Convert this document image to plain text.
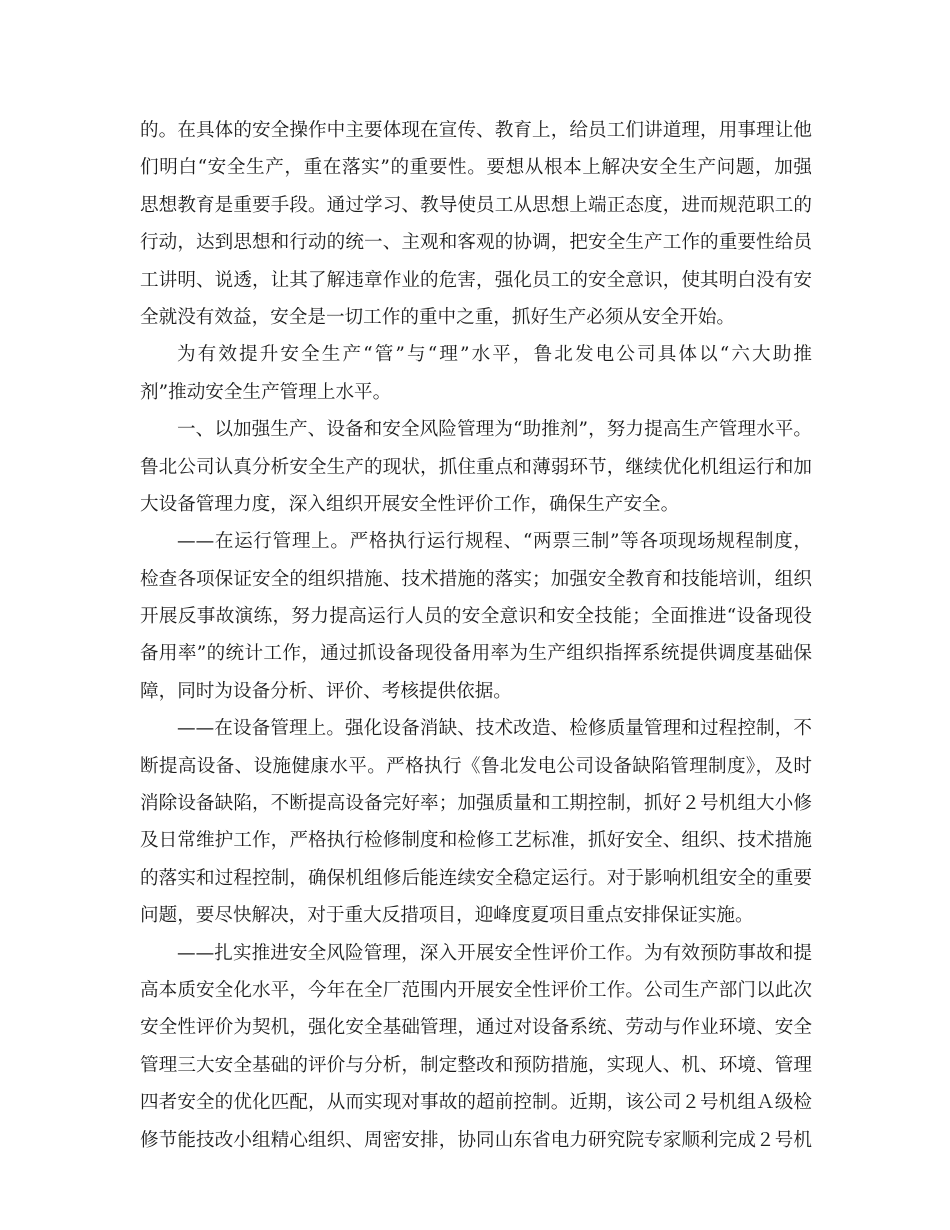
的。在具体的安全操作中主要体现在宣传、教育上，给员工们讲道理，用事理让他
们明白“安全生产，重在落实”的重要性。要想从根本上解决安全生产问题，加强
思想教育是重要手段。通过学习、教导使员工从思想上端正态度，进而规范职工的
行动，达到思想和行动的统一、主观和客观的协调，把安全生产工作的重要性给员
工讲明、说透，让其了解违章作业的危害，强化员工的安全意识，使其明白没有安
全就没有效益，安全是一切工作的重中之重，抓好生产必须从安全开始。
为有效提升安全生产“管”与“理”水平，鲁北发电公司具体以“六大助推
剂”推动安全生产管理上水平。
一、以加强生产、设备和安全风险管理为“助推剂”，努力提高生产管理水平。
鲁北公司认真分析安全生产的现状，抓住重点和薄弱环节，继续优化机组运行和加
大设备管理力度，深入组织开展安全性评价工作，确保生产安全。
——在运行管理上。严格执行运行规程、“两票三制”等各项现场规程制度，
检查各项保证安全的组织措施、技术措施的落实；加强安全教育和技能培训，组织
开展反事故演练，努力提高运行人员的安全意识和安全技能；全面推进“设备现役
备用率”的统计工作，通过抓设备现役备用率为生产组织指挥系统提供调度基础保
障，同时为设备分析、评价、考核提供依据。
——在设备管理上。强化设备消缺、技术改造、检修质量管理和过程控制，不
断提高设备、设施健康水平。严格执行《鲁北发电公司设备缺陷管理制度》，及时
消除设备缺陷，不断提高设备完好率；加强质量和工期控制，抓好２号机组大小修
及日常维护工作，严格执行检修制度和检修工艺标准，抓好安全、组织、技术措施
的落实和过程控制，确保机组修后能连续安全稳定运行。对于影响机组安全的重要
问题，要尽快解决，对于重大反措项目，迎峰度夏项目重点安排保证实施。
——扎实推进安全风险管理，深入开展安全性评价工作。为有效预防事故和提
高本质安全化水平，今年在全厂范围内开展安全性评价工作。公司生产部门以此次
安全性评价为契机，强化安全基础管理，通过对设备系统、劳动与作业环境、安全
管理三大安全基础的评价与分析，制定整改和预防措施，实现人、机、环境、管理
四者安全的优化匹配，从而实现对事故的超前控制。近期，该公司２号机组Ａ级检
修节能技改小组精心组织、周密安排，协同山东省电力研究院专家顺利完成２号机
